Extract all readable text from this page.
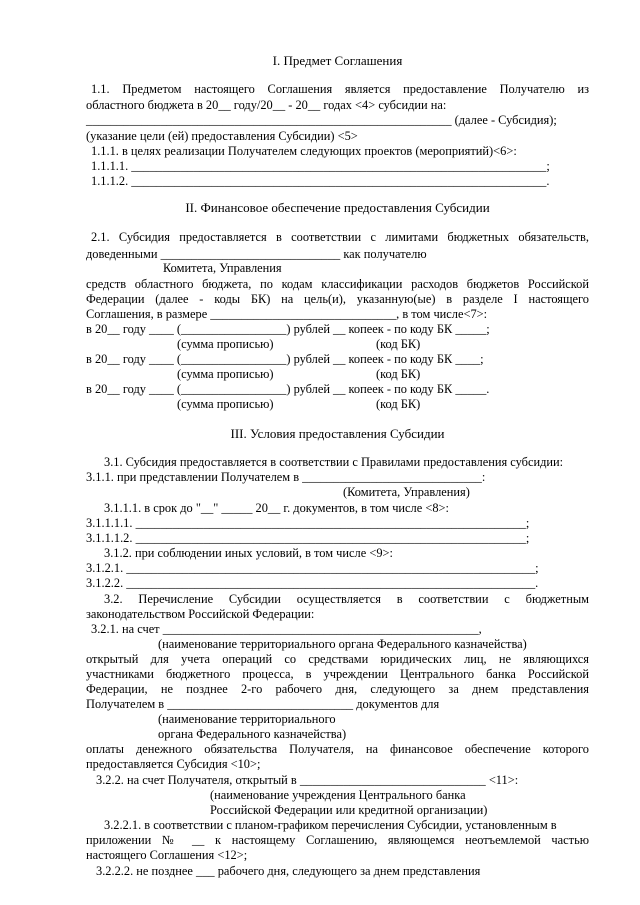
I. Предмет Соглашения
1.1. Предметом настоящего Соглашения является предоставление Получателю из
областного бюджета в 20__ году/20__ - 20__ годах <4> субсидии на:
___________________________________________________________ (далее - Субсидия);
(указание цели (ей) предоставления Субсидии) <5>
1.1.1. в целях реализации Получателем следующих проектов (мероприятий)<6>:
1.1.1.1. ___________________________________________________________________;
1.1.1.2. ___________________________________________________________________.
II. Финансовое обеспечение предоставления Субсидии
2.1. Субсидия предоставляется в соответствии с лимитами бюджетных обязательств,
доведенными _____________________________ как получателю
Комитета, Управления
средств областного бюджета, по кодам классификации расходов бюджетов Российской
Федерации (далее - коды БК) на цель(и), указанную(ые) в разделе I настоящего
Соглашения, в размере ______________________________, в том числе<7>:
в 20__ году ____ (_________________) рублей __ копеек - по коду БК _____;
(сумма прописью)	(код БК)
в 20__ году ____ (_________________) рублей __ копеек - по коду БК ____;
(сумма прописью)	(код БК)
в 20__ году ____ (_________________) рублей __ копеек - по коду БК _____.
(сумма прописью)	(код БК)
III. Условия предоставления Субсидии
3.1. Субсидия предоставляется в соответствии с Правилами предоставления субсидии:
3.1.1. при представлении Получателем в _____________________________:
(Комитета, Управления)
3.1.1.1. в срок до "__" _____ 20__ г. документов, в том числе <8>:
3.1.1.1.1. _______________________________________________________________;
3.1.1.1.2. _______________________________________________________________;
3.1.2. при соблюдении иных условий, в том числе <9>:
3.1.2.1. __________________________________________________________________;
3.1.2.2. __________________________________________________________________.
3.2. Перечисление Субсидии осуществляется в соответствии с бюджетным
законодательством Российской Федерации:
3.2.1. на счет ___________________________________________________,
(наименование территориального органа Федерального казначейства)
открытый для учета операций со средствами юридических лиц, не являющихся
участниками бюджетного процесса, в учреждении Центрального банка Российской
Федерации, не позднее 2-го рабочего дня, следующего за днем представления
Получателем в ______________________________ документов для
(наименование территориального
органа Федерального казначейства)
оплаты денежного обязательства Получателя, на финансовое обеспечение которого
предоставляется Субсидия <10>;
3.2.2. на счет Получателя, открытый в ______________________________ <11>:
(наименование учреждения Центрального банка
Российской Федерации или кредитной организации)
3.2.2.1. в соответствии с планом-графиком перечисления Субсидии, установленным в
приложении № __ к настоящему Соглашению, являющемся неотъемлемой частью
настоящего Соглашения <12>;
3.2.2.2. не позднее ___ рабочего дня, следующего за днем представления
